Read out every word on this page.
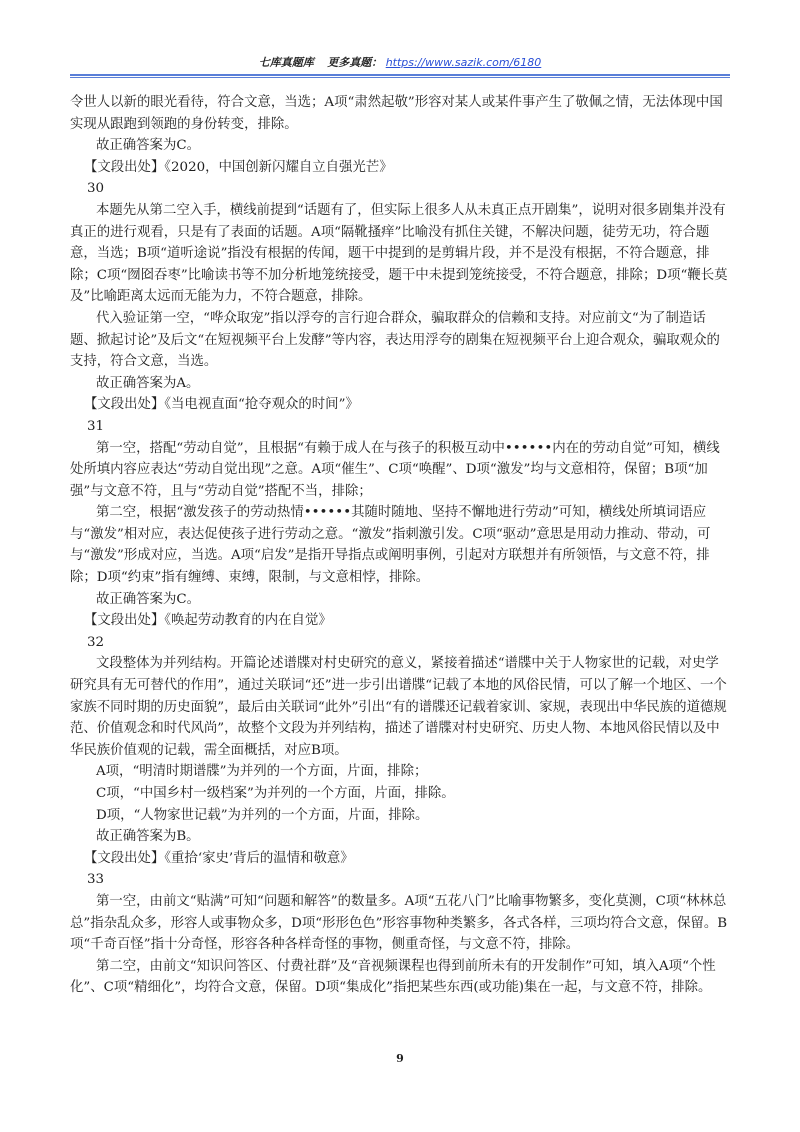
七库真题库 更多真题： https://www.sazik.com/6180

令世人以新的眼光看待，符合文意，当选；A项“肃然起敬”形容对某人或某件事产生了敬佩之情，无法体现中国实现从跟跑到领跑的身份转变，排除。

故正确答案为C。

【文段出处】《2020，中国创新闪耀自立自强光芒》

30

本题先从第二空入手，横线前提到“话题有了，但实际上很多人从未真正点开剧集”，说明对很多剧集并没有真正的进行观看，只是有了表面的话题。A项“隔靴搔痒”比喻没有抓住关键，不解决问题，徒劳无功，符合题意，当选；B项“道听途说”指没有根据的传闻，题干中提到的是剪辑片段，并不是没有根据，不符合题意，排除；C项“囫囵吞枣”比喻读书等不加分析地笼统接受，题干中未提到笼统接受，不符合题意，排除；D项“鞭长莫及”比喻距离太远而无能为力，不符合题意，排除。

代入验证第一空，“哗众取宠”指以浮夸的言行迎合群众，骗取群众的信赖和支持。对应前文“为了制造话题、掀起讨论”及后文“在短视频平台上发酵”等内容，表达用浮夸的剧集在短视频平台上迎合观众，骗取观众的支持，符合文意，当选。

故正确答案为A。

【文段出处】《当电视直面“抢夺观众的时间”》

31

第一空，搭配“劳动自觉”，且根据“有赖于成人在与孩子的积极互动中••••••内在的劳动自觉”可知，横线处所填内容应表达“劳动自觉出现”之意。A项“催生”、C项“唤醒”、D项“激发”均与文意相符，保留；B项“加强”与文意不符，且与“劳动自觉”搭配不当，排除；

第二空，根据“激发孩子的劳动热情••••••其随时随地、坚持不懈地进行劳动”可知，横线处所填词语应与“激发”相对应，表达促使孩子进行劳动之意。“激发”指刺激引发。C项“驱动”意思是用动力推动、带动，可与“激发”形成对应，当选。A项“启发”是指开导指点或阐明事例，引起对方联想并有所领悟，与文意不符，排除；D项“约束”指有缠缚、束缚，限制，与文意相悖，排除。

故正确答案为C。

【文段出处】《唤起劳动教育的内在自觉》

32

文段整体为并列结构。开篇论述谱牒对村史研究的意义，紧接着描述“谱牒中关于人物家世的记载，对史学研究具有无可替代的作用”，通过关联词“还”进一步引出谱牒“记载了本地的风俗民情，可以了解一个地区、一个家族不同时期的历史面貌”，最后由关联词“此外”引出“有的谱牒还记载着家训、家规，表现出中华民族的道德规范、价值观念和时代风尚”，故整个文段为并列结构，描述了谱牒对村史研究、历史人物、本地风俗民情以及中华民族价值观的记载，需全面概括，对应B项。

A项，“明清时期谱牒”为并列的一个方面，片面，排除；

C项，“中国乡村一级档案”为并列的一个方面，片面，排除。

D项，“人物家世记载”为并列的一个方面，片面，排除。

故正确答案为B。

【文段出处】《重拾‘家史’背后的温情和敬意》

33

第一空，由前文“贴满”可知“问题和解答”的数量多。A项“五花八门”比喻事物繁多，变化莫测，C项“林林总总”指杂乱众多，形容人或事物众多，D项“形形色色”形容事物种类繁多，各式各样，三项均符合文意，保留。B项“千奇百怪”指十分奇怪，形容各种各样奇怪的事物，侧重奇怪，与文意不符，排除。

第二空，由前文“知识问答区、付费社群”及“音视频课程也得到前所未有的开发制作”可知，填入A项“个性化”、C项“精细化”，均符合文意，保留。D项“集成化”指把某些东西(或功能)集在一起，与文意不符，排除。

9
